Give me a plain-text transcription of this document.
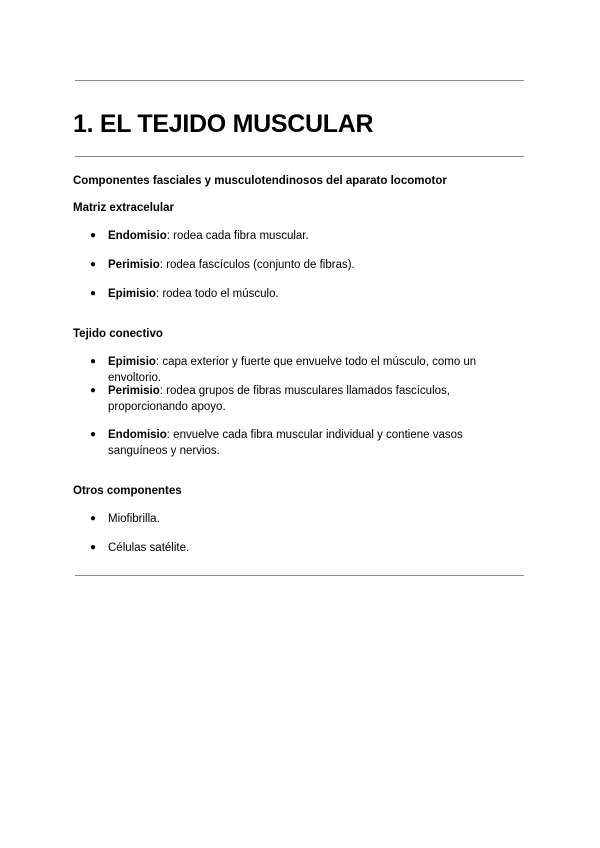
1. EL TEJIDO MUSCULAR
Componentes fasciales y musculotendinosos del aparato locomotor
Matriz extracelular
●	Endomisio: rodea cada fibra muscular.
●	Perimisio: rodea fascículos (conjunto de fibras).
●	Epimisio: rodea todo el músculo.
Tejido conectivo
●	Epimisio: capa exterior y fuerte que envuelve todo el músculo, como un envoltorio.
●	Perimisio: rodea grupos de fibras musculares llamados fascículos, proporcionando apoyo.
●	Endomisio: envuelve cada fibra muscular individual y contiene vasos sanguíneos y nervios.
Otros componentes
●	Miofibrilla.
●	Células satélite.
